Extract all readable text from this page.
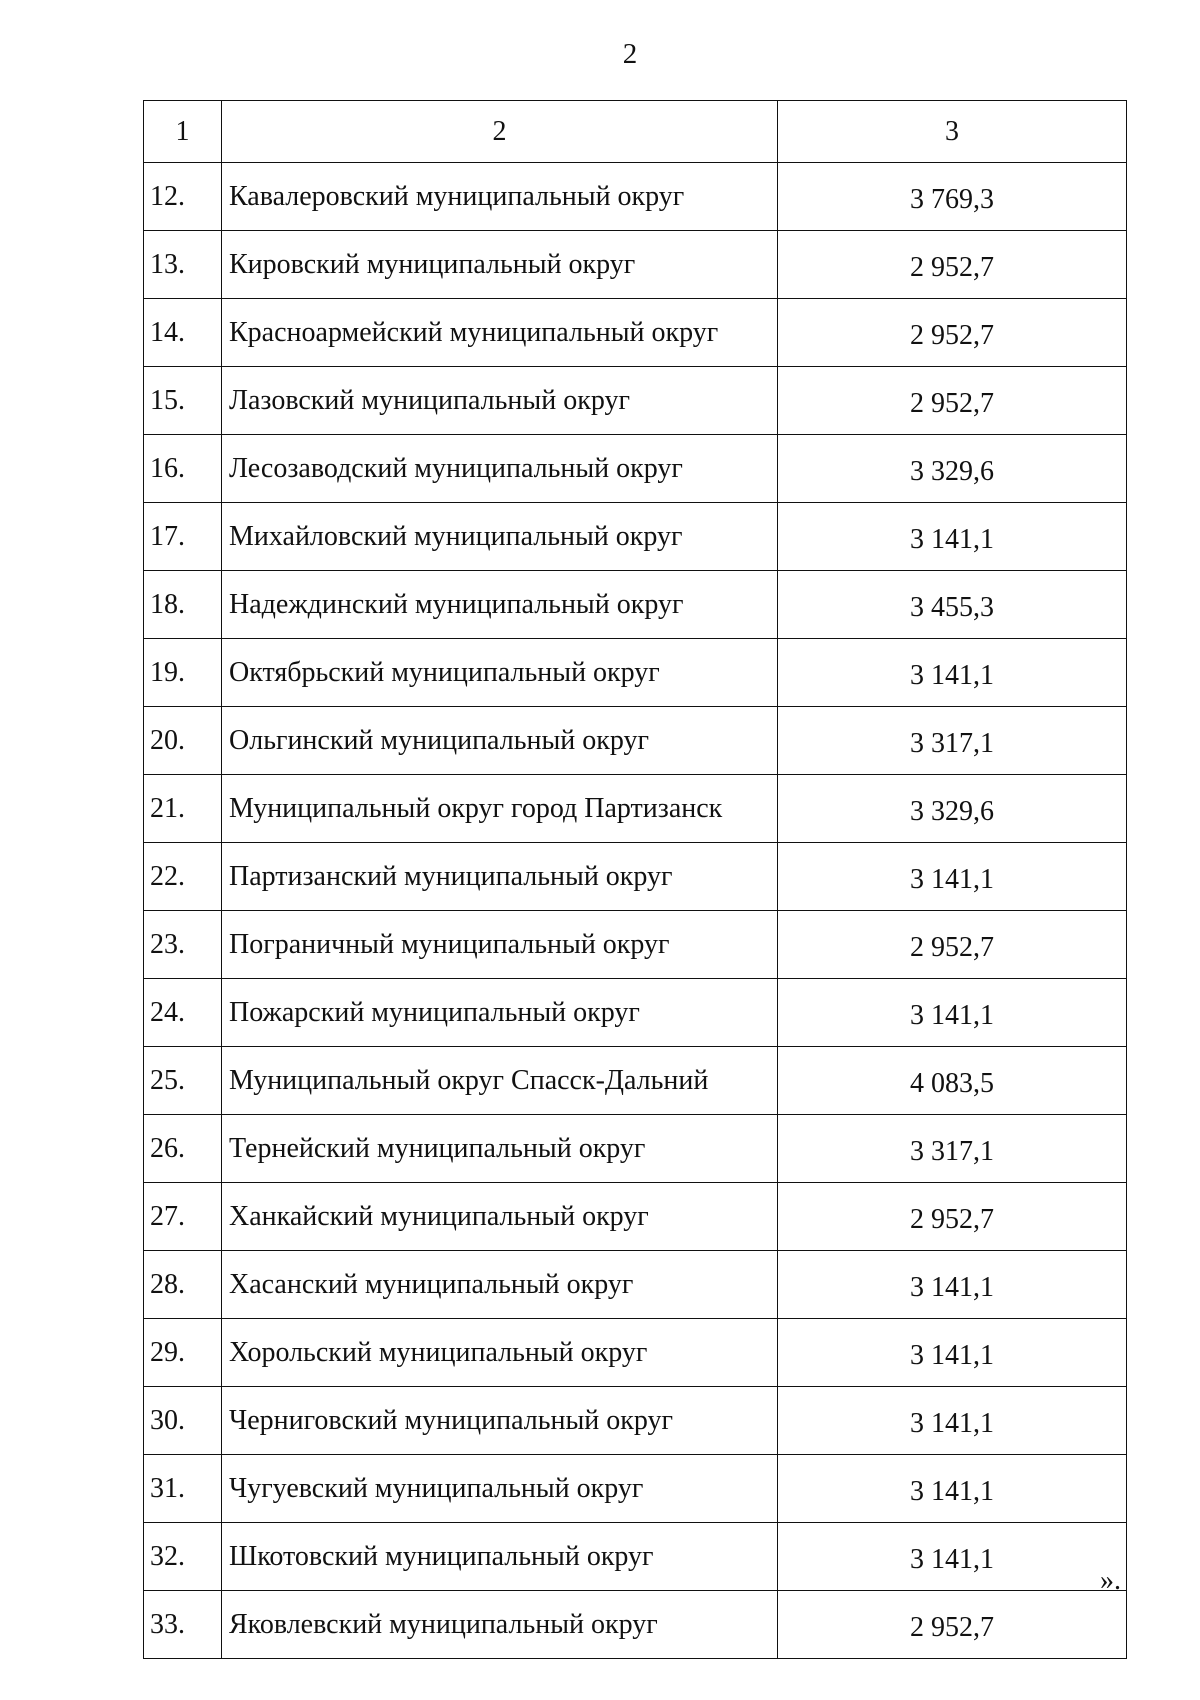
2
1	2	3
12.	Кавалеровский муниципальный округ	3 769,3
13.	Кировский муниципальный округ	2 952,7
14.	Красноармейский муниципальный округ	2 952,7
15.	Лазовский муниципальный округ	2 952,7
16.	Лесозаводский муниципальный округ	3 329,6
17.	Михайловский муниципальный округ	3 141,1
18.	Надеждинский муниципальный округ	3 455,3
19.	Октябрьский муниципальный округ	3 141,1
20.	Ольгинский муниципальный округ	3 317,1
21.	Муниципальный округ город Партизанск	3 329,6
22.	Партизанский муниципальный округ	3 141,1
23.	Пограничный муниципальный округ	2 952,7
24.	Пожарский муниципальный округ	3 141,1
25.	Муниципальный округ Спасск-Дальний	4 083,5
26.	Тернейский муниципальный округ	3 317,1
27.	Ханкайский муниципальный округ	2 952,7
28.	Хасанский муниципальный округ	3 141,1
29.	Хорольский муниципальный округ	3 141,1
30.	Черниговский муниципальный округ	3 141,1
31.	Чугуевский муниципальный округ	3 141,1
32.	Шкотовский муниципальный округ	3 141,1
33.	Яковлевский муниципальный округ	2 952,7
».
